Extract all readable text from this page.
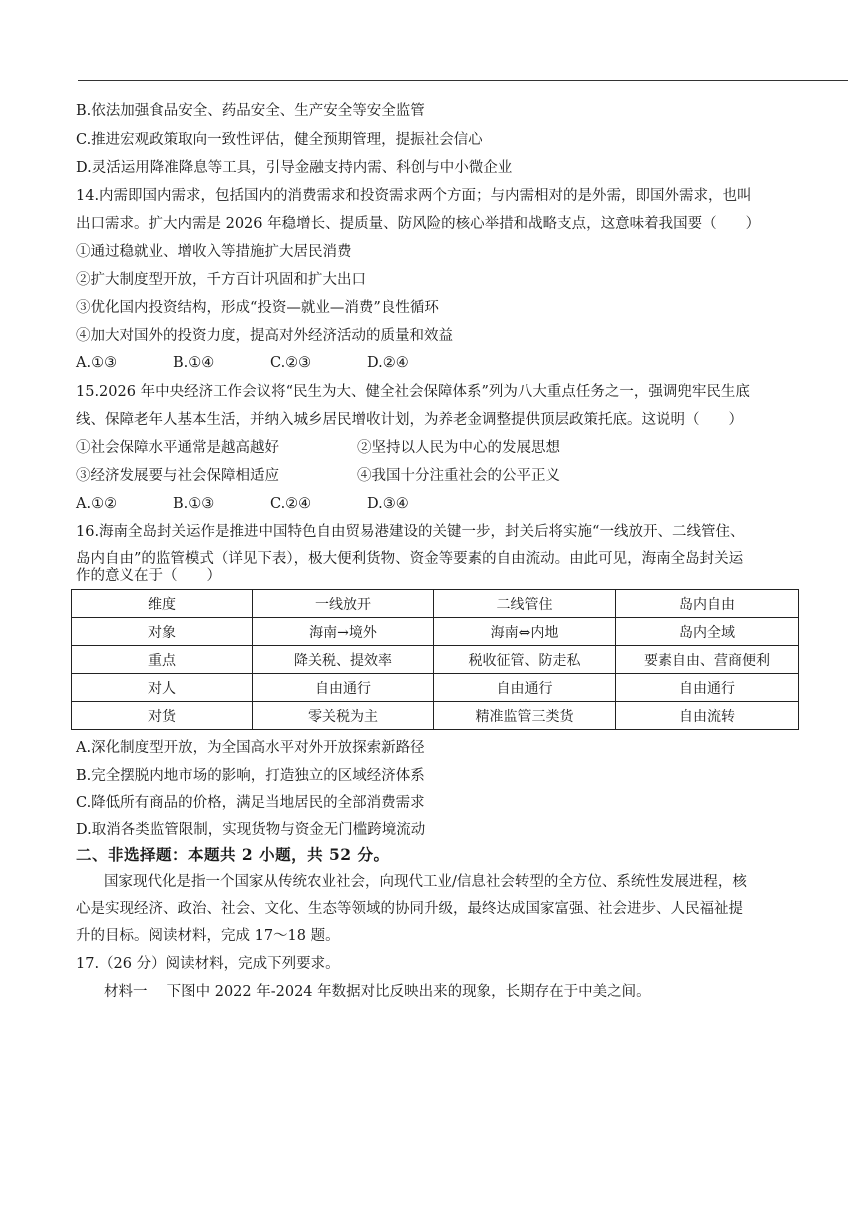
B.依法加强食品安全、药品安全、生产安全等安全监管
C.推进宏观政策取向一致性评估，健全预期管理，提振社会信心
D.灵活运用降准降息等工具，引导金融支持内需、科创与中小微企业
14.内需即国内需求，包括国内的消费需求和投资需求两个方面；与内需相对的是外需，即国外需求，也叫
出口需求。扩大内需是 2026 年稳增长、提质量、防风险的核心举措和战略支点，这意味着我国要（　　）
①通过稳就业、增收入等措施扩大居民消费
②扩大制度型开放，千方百计巩固和扩大出口
③优化国内投资结构，形成“投资—就业—消费”良性循环
④加大对国外的投资力度，提高对外经济活动的质量和效益
A.①③	B.①④	C.②③	D.②④
15.2026 年中央经济工作会议将“民生为大、健全社会保障体系”列为八大重点任务之一，强调兜牢民生底
线、保障老年人基本生活，并纳入城乡居民增收计划，为养老金调整提供顶层政策托底。这说明（　　）
①社会保障水平通常是越高越好	②坚持以人民为中心的发展思想
③经济发展要与社会保障相适应	④我国十分注重社会的公平正义
A.①②	B.①③	C.②④	D.③④
16.海南全岛封关运作是推进中国特色自由贸易港建设的关键一步，封关后将实施“一线放开、二线管住、
岛内自由”的监管模式（详见下表），极大便利货物、资金等要素的自由流动。由此可见，海南全岛封关运
作的意义在于（　　）
维度	一线放开	二线管住	岛内自由
对象	海南→境外	海南⇔内地	岛内全域
重点	降关税、提效率	税收征管、防走私	要素自由、营商便利
对人	自由通行	自由通行	自由通行
对货	零关税为主	精准监管三类货	自由流转
A.深化制度型开放，为全国高水平对外开放探索新路径
B.完全摆脱内地市场的影响，打造独立的区域经济体系
C.降低所有商品的价格，满足当地居民的全部消费需求
D.取消各类监管限制，实现货物与资金无门槛跨境流动
二、非选择题：本题共 2 小题，共 52 分。
国家现代化是指一个国家从传统农业社会，向现代工业/信息社会转型的全方位、系统性发展进程，核
心是实现经济、政治、社会、文化、生态等领域的协同升级，最终达成国家富强、社会进步、人民福祉提
升的目标。阅读材料，完成 17～18 题。
17.（26 分）阅读材料，完成下列要求。
材料一　 下图中 2022 年-2024 年数据对比反映出来的现象，长期存在于中美之间。
